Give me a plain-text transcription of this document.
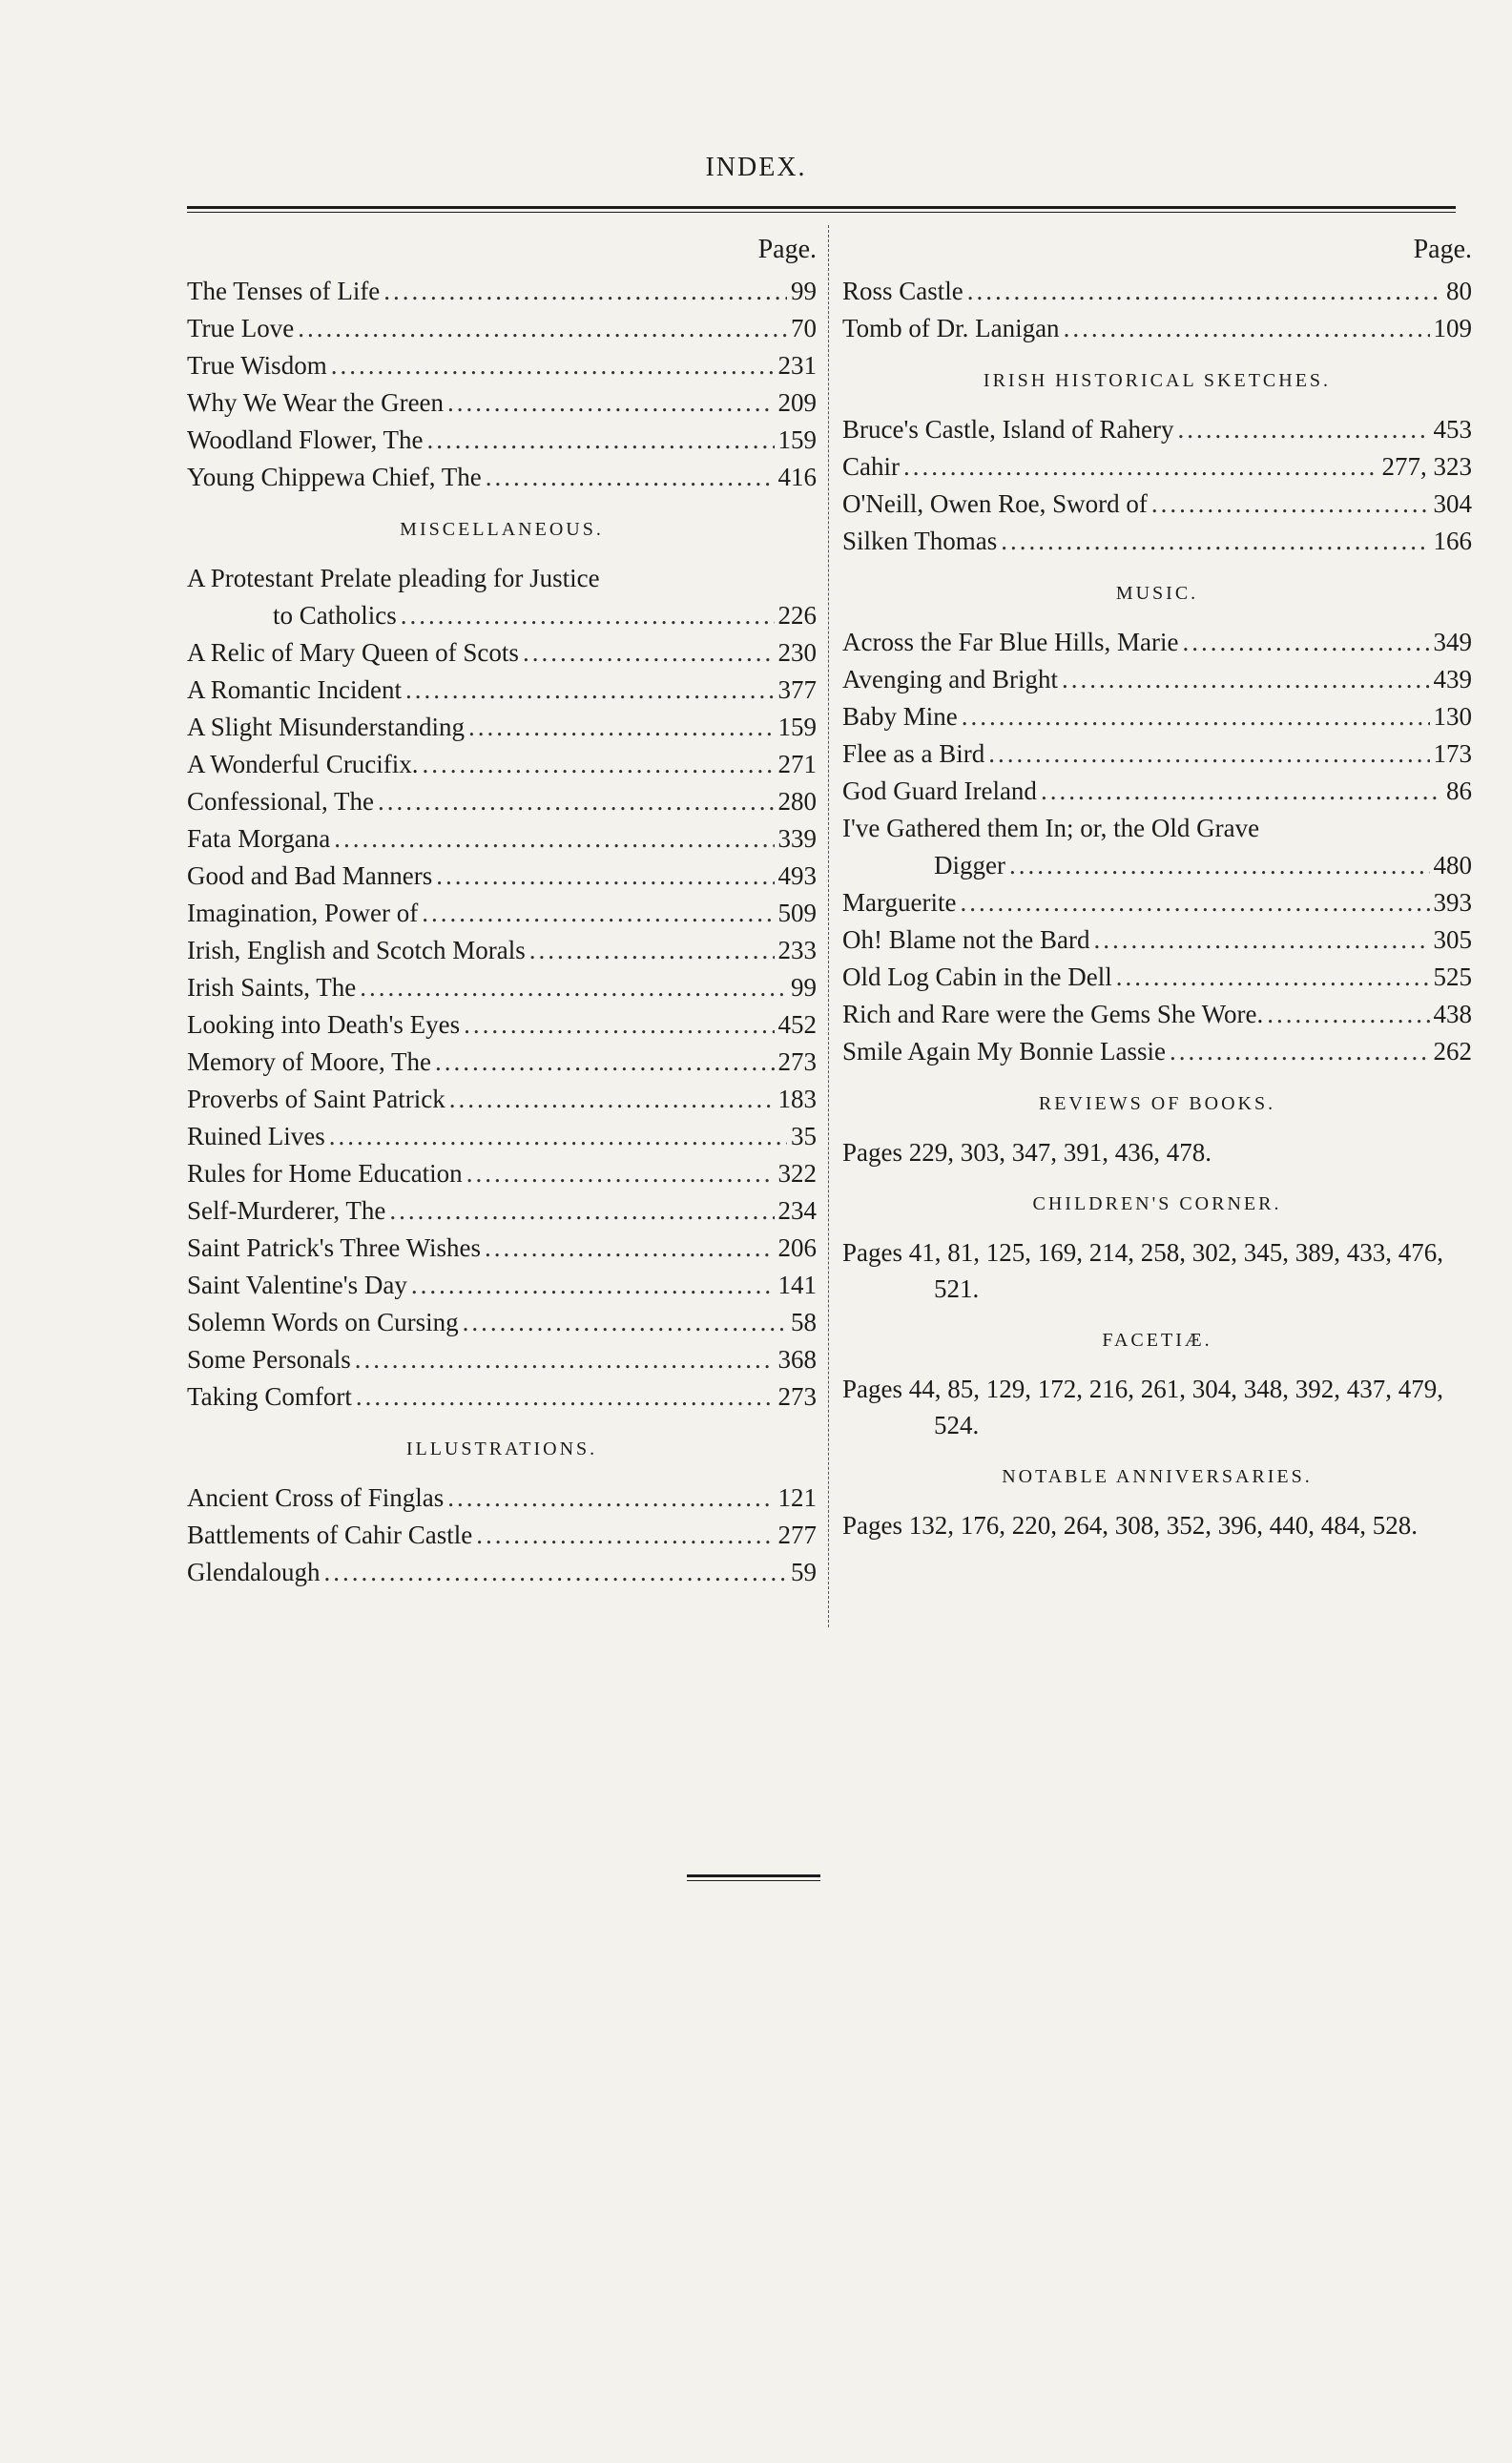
INDEX.
Page.
The Tenses of Life .....	99
True Love .....	70
True Wisdom .....	231
Why We Wear the Green .....	209
Woodland Flower, The .....	159
Young Chippewa Chief, The .....	416
MISCELLANEOUS.
A Protestant Prelate pleading for Justice
to Catholics .....	226
A Relic of Mary Queen of Scots .....	230
A Romantic Incident .....	377
A Slight Misunderstanding .....	159
A Wonderful Crucifix. .....	271
Confessional, The .....	280
Fata Morgana .....	339
Good and Bad Manners .....	493
Imagination, Power of .....	509
Irish, English and Scotch Morals .....	233
Irish Saints, The .....	99
Looking into Death's Eyes .....	452
Memory of Moore, The .....	273
Proverbs of Saint Patrick .....	183
Ruined Lives .....	35
Rules for Home Education .....	322
Self-Murderer, The .....	234
Saint Patrick's Three Wishes .....	206
Saint Valentine's Day .....	141
Solemn Words on Cursing .....	58
Some Personals .....	368
Taking Comfort .....	273
ILLUSTRATIONS.
Ancient Cross of Finglas .....	121
Battlements of Cahir Castle .....	277
Glendalough .....	59
Page.
Ross Castle .....	80
Tomb of Dr. Lanigan .....	109
IRISH HISTORICAL SKETCHES.
Bruce's Castle, Island of Rahery .....	453
Cahir .....	277, 323
O'Neill, Owen Roe, Sword of .....	304
Silken Thomas .....	166
MUSIC.
Across the Far Blue Hills, Marie .....	349
Avenging and Bright .....	439
Baby Mine .....	130
Flee as a Bird .....	173
God Guard Ireland .....	86
I've Gathered them In; or, the Old Grave
Digger .....	480
Marguerite .....	393
Oh! Blame not the Bard .....	305
Old Log Cabin in the Dell .....	525
Rich and Rare were the Gems She Wore. .....	438
Smile Again My Bonnie Lassie .....	262
REVIEWS OF BOOKS.
Pages 229, 303, 347, 391, 436, 478.
CHILDREN'S CORNER.
Pages 41, 81, 125, 169, 214, 258, 302, 345, 389, 433, 476, 521.
FACETIÆ.
Pages 44, 85, 129, 172, 216, 261, 304, 348, 392, 437, 479, 524.
NOTABLE ANNIVERSARIES.
Pages 132, 176, 220, 264, 308, 352, 396, 440, 484, 528.
